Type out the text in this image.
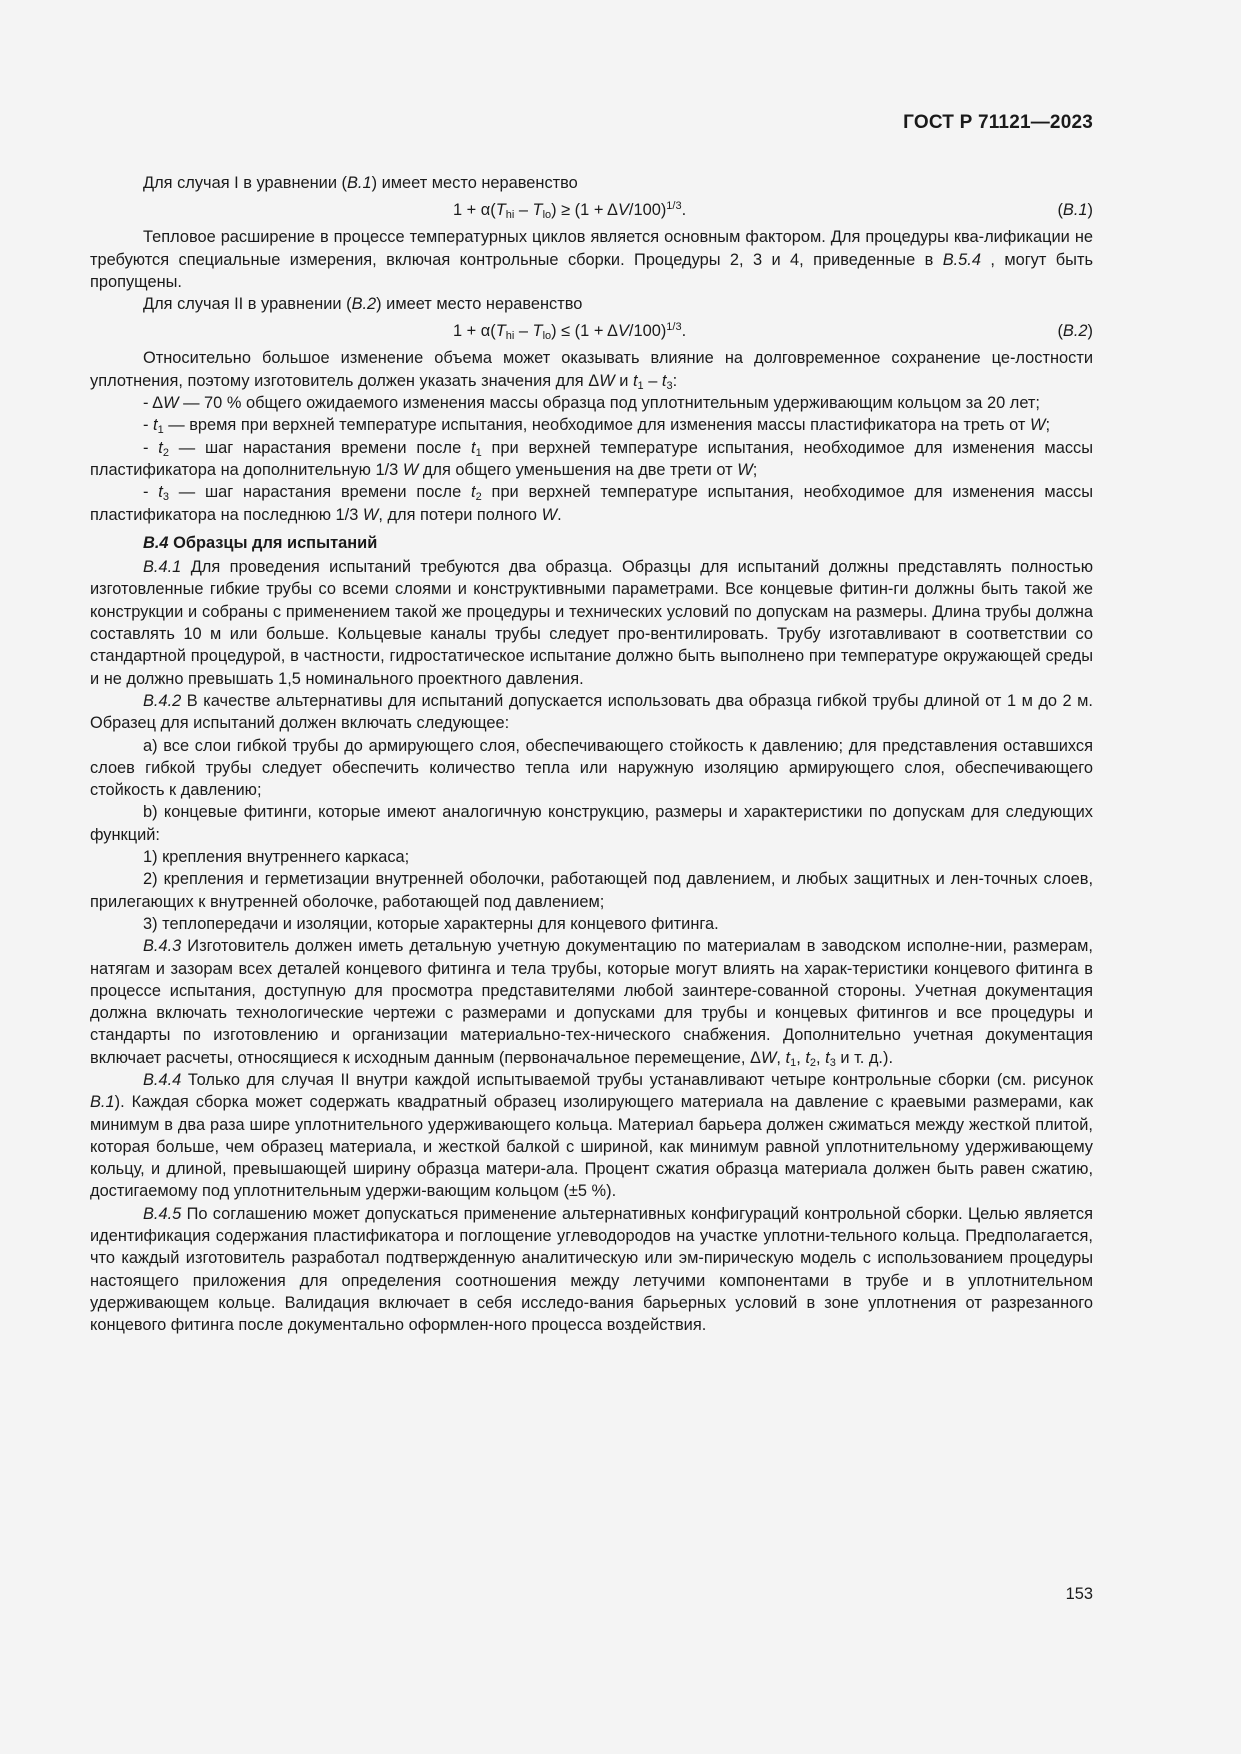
ГОСТ Р 71121—2023

Для случая I в уравнении (B.1) имеет место неравенство

$1 + \alpha(T_{hi} - T_{lo}) \ge (1 + \Delta V/100)^{1/3}$.	(B.1)

Тепловое расширение в процессе температурных циклов является основным фактором. Для процедуры ква-лификации не требуются специальные измерения, включая контрольные сборки. Процедуры 2, 3 и 4, приведенные в B.5.4 , могут быть пропущены.

Для случая II в уравнении (B.2) имеет место неравенство

$1 + \alpha(T_{hi} - T_{lo}) \le (1 + \Delta V/100)^{1/3}$.	(B.2)

Относительно большое изменение объема может оказывать влияние на долговременное сохранение це-лостности уплотнения, поэтому изготовитель должен указать значения для ΔW и $t_1 - t_3$:

- ΔW — 70 % общего ожидаемого изменения массы образца под уплотнительным удерживающим кольцом за 20 лет;

- $t_1$ — время при верхней температуре испытания, необходимое для изменения массы пластификатора на треть от W;

- $t_2$ — шаг нарастания времени после $t_1$ при верхней температуре испытания, необходимое для изменения массы пластификатора на дополнительную 1/3 W для общего уменьшения на две трети от W;

- $t_3$ — шаг нарастания времени после $t_2$ при верхней температуре испытания, необходимое для изменения массы пластификатора на последнюю 1/3 W, для потери полного W.

B.4 Образцы для испытаний

B.4.1 Для проведения испытаний требуются два образца. Образцы для испытаний должны представлять полностью изготовленные гибкие трубы со всеми слоями и конструктивными параметрами. Все концевые фитин-ги должны быть такой же конструкции и собраны с применением такой же процедуры и технических условий по допускам на размеры. Длина трубы должна составлять 10 м или больше. Кольцевые каналы трубы следует про-вентилировать. Трубу изготавливают в соответствии со стандартной процедурой, в частности, гидростатическое испытание должно быть выполнено при температуре окружающей среды и не должно превышать 1,5 номинального проектного давления.

B.4.2 В качестве альтернативы для испытаний допускается использовать два образца гибкой трубы длиной от 1 м до 2 м. Образец для испытаний должен включать следующее:

a) все слои гибкой трубы до армирующего слоя, обеспечивающего стойкость к давлению; для представления оставшихся слоев гибкой трубы следует обеспечить количество тепла или наружную изоляцию армирующего слоя, обеспечивающего стойкость к давлению;

b) концевые фитинги, которые имеют аналогичную конструкцию, размеры и характеристики по допускам для следующих функций:

1) крепления внутреннего каркаса;

2) крепления и герметизации внутренней оболочки, работающей под давлением, и любых защитных и лен-точных слоев, прилегающих к внутренней оболочке, работающей под давлением;

3) теплопередачи и изоляции, которые характерны для концевого фитинга.

B.4.3 Изготовитель должен иметь детальную учетную документацию по материалам в заводском исполне-нии, размерам, натягам и зазорам всех деталей концевого фитинга и тела трубы, которые могут влиять на харак-теристики концевого фитинга в процессе испытания, доступную для просмотра представителями любой заинтере-сованной стороны. Учетная документация должна включать технологические чертежи с размерами и допусками для трубы и концевых фитингов и все процедуры и стандарты по изготовлению и организации материально-тех-нического снабжения. Дополнительно учетная документация включает расчеты, относящиеся к исходным данным (первоначальное перемещение, ΔW, $t_1$, $t_2$, $t_3$ и т. д.).

B.4.4 Только для случая II внутри каждой испытываемой трубы устанавливают четыре контрольные сборки (см. рисунок B.1). Каждая сборка может содержать квадратный образец изолирующего материала на давление с краевыми размерами, как минимум в два раза шире уплотнительного удерживающего кольца. Материал барьера должен сжиматься между жесткой плитой, которая больше, чем образец материала, и жесткой балкой с шириной, как минимум равной уплотнительному удерживающему кольцу, и длиной, превышающей ширину образца матери-ала. Процент сжатия образца материала должен быть равен сжатию, достигаемому под уплотнительным удержи-вающим кольцом (±5 %).

B.4.5 По соглашению может допускаться применение альтернативных конфигураций контрольной сборки. Целью является идентификация содержания пластификатора и поглощение углеводородов на участке уплотни-тельного кольца. Предполагается, что каждый изготовитель разработал подтвержденную аналитическую или эм-пирическую модель с использованием процедуры настоящего приложения для определения соотношения между летучими компонентами в трубе и в уплотнительном удерживающем кольце. Валидация включает в себя исследо-вания барьерных условий в зоне уплотнения от разрезанного концевого фитинга после документально оформлен-ного процесса воздействия.

153
